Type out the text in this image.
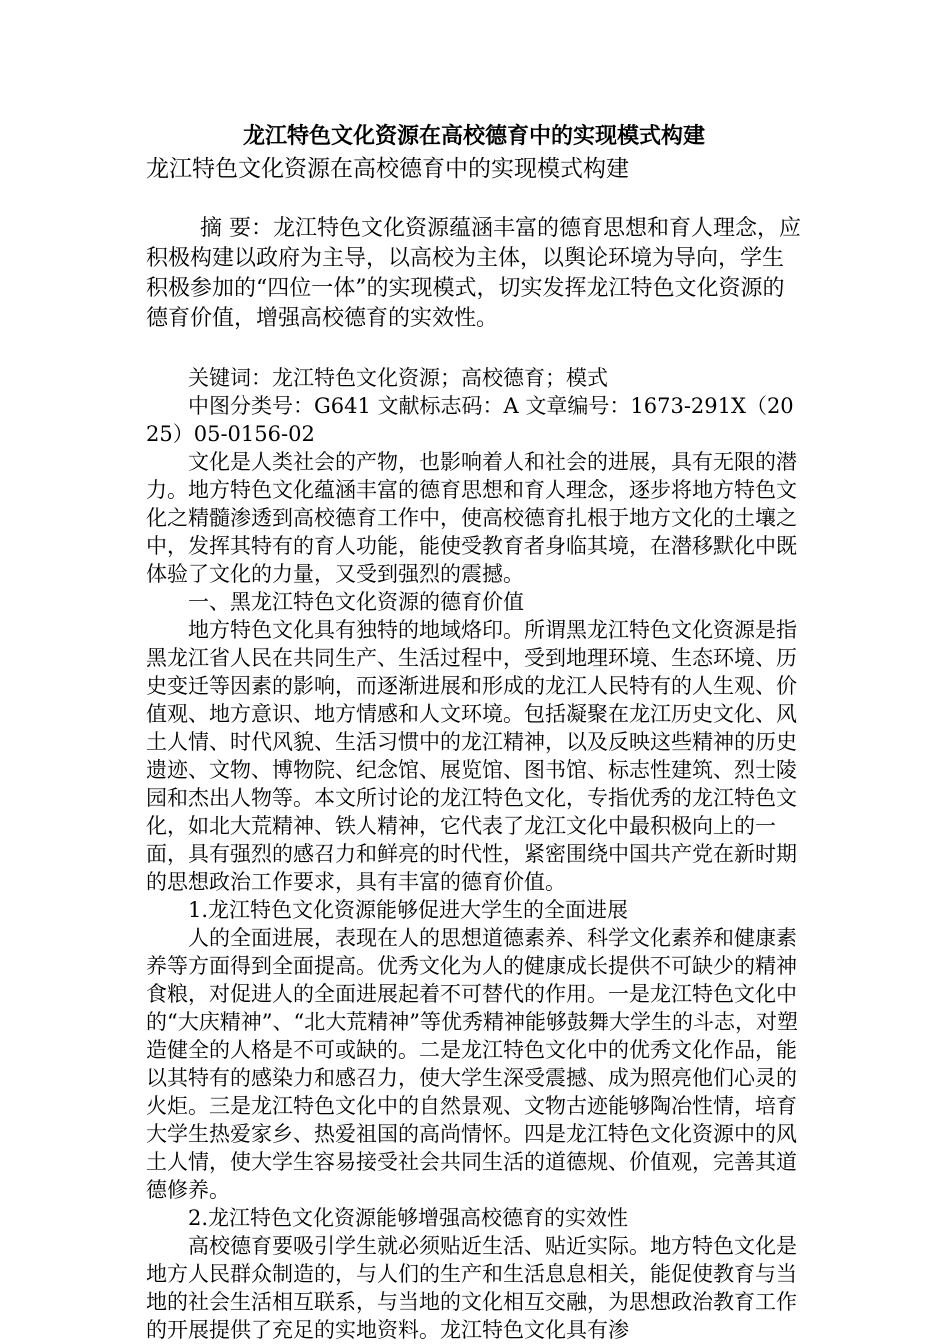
龙江特色文化资源在高校德育中的实现模式构建

龙江特色文化资源在高校德育中的实现模式构建

摘 要：龙江特色文化资源蕴涵丰富的德育思想和育人理念，应积极构建以政府为主导，以高校为主体，以舆论环境为导向，学生积极参加的“四位一体”的实现模式，切实发挥龙江特色文化资源的德育价值，增强高校德育的实效性。

关键词：龙江特色文化资源；高校德育；模式

中图分类号：G641 文献标志码：A 文章编号：1673-291X（2025）05-0156-02

文化是人类社会的产物，也影响着人和社会的进展，具有无限的潜力。地方特色文化蕴涵丰富的德育思想和育人理念，逐步将地方特色文化之精髓渗透到高校德育工作中，使高校德育扎根于地方文化的土壤之中，发挥其特有的育人功能，能使受教育者身临其境，在潜移默化中既体验了文化的力量，又受到强烈的震撼。

一、黑龙江特色文化资源的德育价值

地方特色文化具有独特的地域烙印。所谓黑龙江特色文化资源是指黑龙江省人民在共同生产、生活过程中，受到地理环境、生态环境、历史变迁等因素的影响，而逐渐进展和形成的龙江人民特有的人生观、价值观、地方意识、地方情感和人文环境。包括凝聚在龙江历史文化、风土人情、时代风貌、生活习惯中的龙江精神，以及反映这些精神的历史遗迹、文物、博物院、纪念馆、展览馆、图书馆、标志性建筑、烈士陵园和杰出人物等。本文所讨论的龙江特色文化，专指优秀的龙江特色文化，如北大荒精神、铁人精神，它代表了龙江文化中最积极向上的一面，具有强烈的感召力和鲜亮的时代性，紧密围绕中国共产党在新时期的思想政治工作要求，具有丰富的德育价值。

1.龙江特色文化资源能够促进大学生的全面进展

人的全面进展，表现在人的思想道德素养、科学文化素养和健康素养等方面得到全面提高。优秀文化为人的健康成长提供不可缺少的精神食粮，对促进人的全面进展起着不可替代的作用。一是龙江特色文化中的“大庆精神”、“北大荒精神”等优秀精神能够鼓舞大学生的斗志，对塑造健全的人格是不可或缺的。二是龙江特色文化中的优秀文化作品，能以其特有的感染力和感召力，使大学生深受震撼、成为照亮他们心灵的火炬。三是龙江特色文化中的自然景观、文物古迹能够陶冶性情，培育大学生热爱家乡、热爱祖国的高尚情怀。四是龙江特色文化资源中的风土人情，使大学生容易接受社会共同生活的道德规、价值观，完善其道德修养。

2.龙江特色文化资源能够增强高校德育的实效性

高校德育要吸引学生就必须贴近生活、贴近实际。地方特色文化是地方人民群众制造的，与人们的生产和生活息息相关，能促使教育与当地的社会生活相互联系，与当地的文化相互交融，为思想政治教育工作的开展提供了充足的实地资料。龙江特色文化具有渗
